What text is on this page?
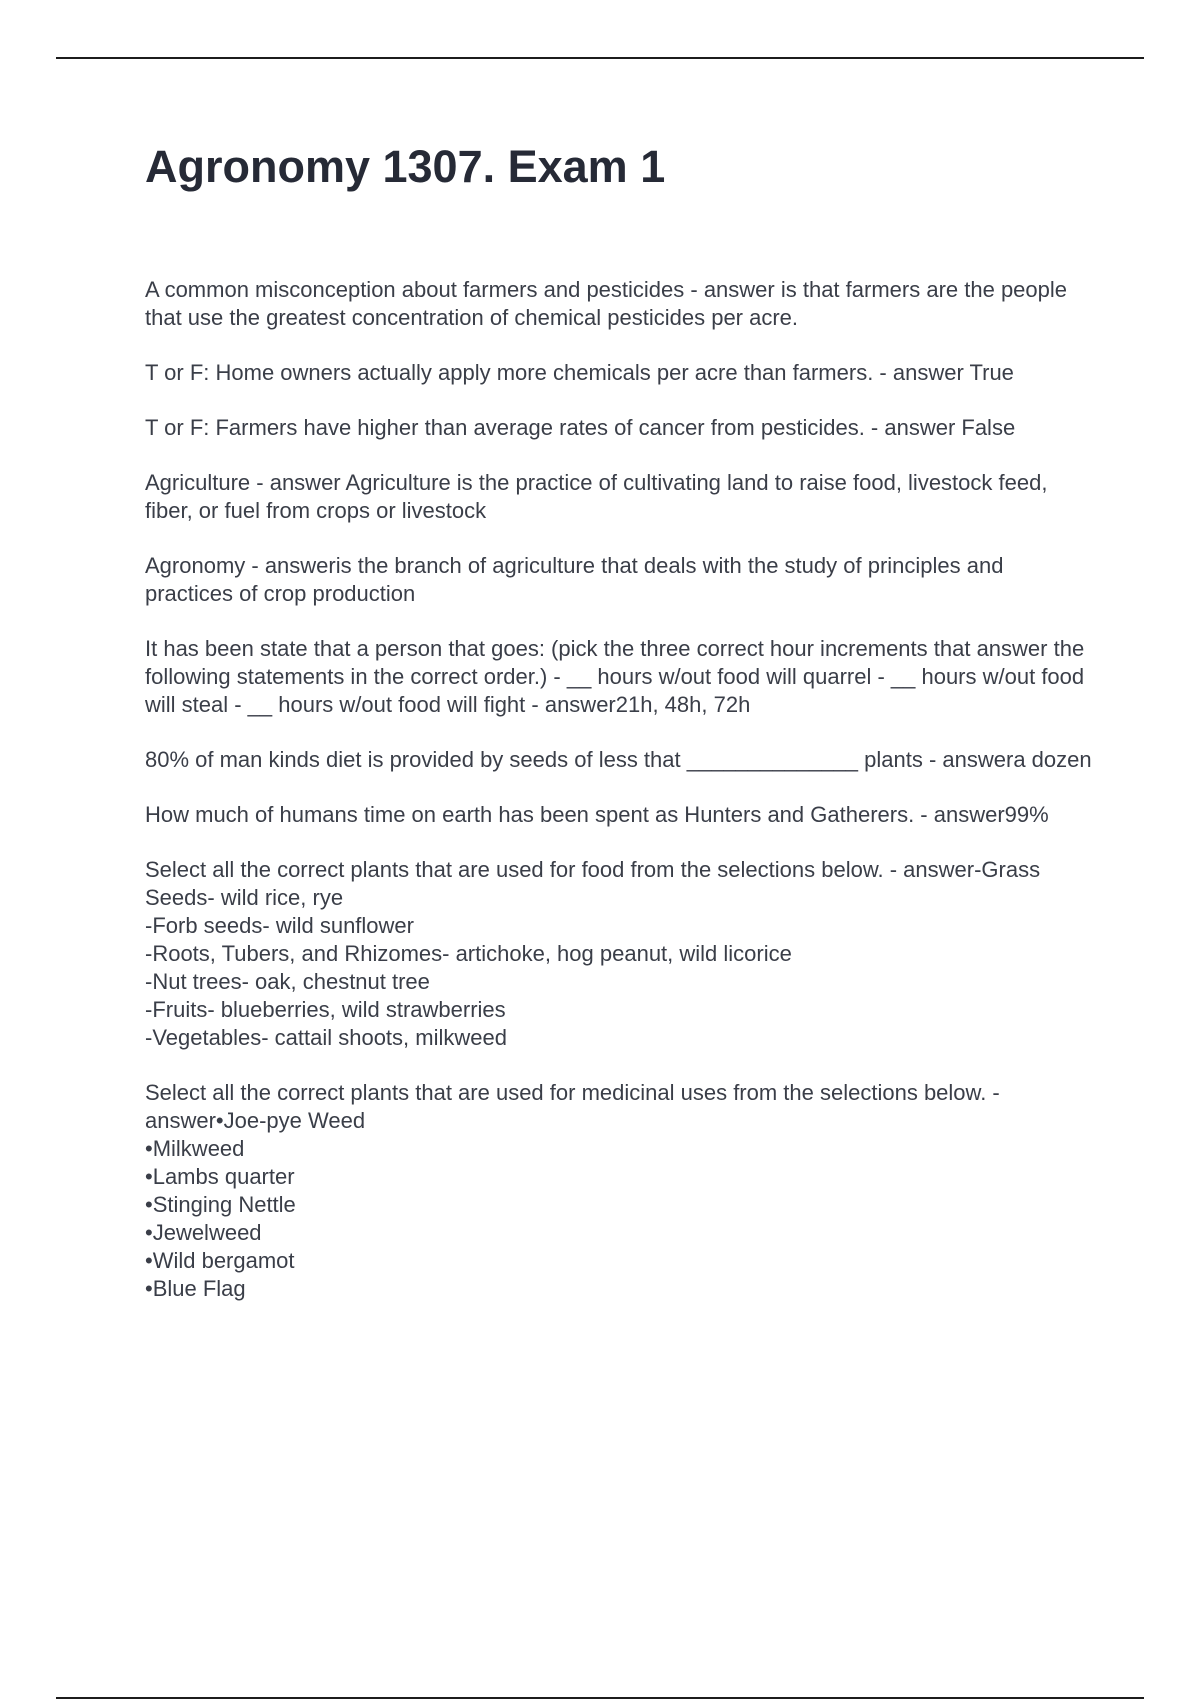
Agronomy 1307. Exam 1

A common misconception about farmers and pesticides - answer is that farmers are the people that use the greatest concentration of chemical pesticides per acre.

T or F: Home owners actually apply more chemicals per acre than farmers. - answer True

T or F: Farmers have higher than average rates of cancer from pesticides. - answer False

Agriculture - answer Agriculture is the practice of cultivating land to raise food, livestock feed, fiber, or fuel from crops or livestock

Agronomy - answeris the branch of agriculture that deals with the study of principles and practices of crop production

It has been state that a person that goes: (pick the three correct hour increments that answer the following statements in the correct order.) - __ hours w/out food will quarrel - __ hours w/out food will steal - __ hours w/out food will fight - answer21h, 48h, 72h

80% of man kinds diet is provided by seeds of less that ______________ plants - answera dozen

How much of humans time on earth has been spent as Hunters and Gatherers. - answer99%

Select all the correct plants that are used for food from the selections below. - answer-Grass Seeds- wild rice, rye
-Forb seeds- wild sunflower
-Roots, Tubers, and Rhizomes- artichoke, hog peanut, wild licorice
-Nut trees- oak, chestnut tree
-Fruits- blueberries, wild strawberries
-Vegetables- cattail shoots, milkweed

Select all the correct plants that are used for medicinal uses from the selections below. - answer•Joe-pye Weed
•Milkweed
•Lambs quarter
•Stinging Nettle
•Jewelweed
•Wild bergamot
•Blue Flag
